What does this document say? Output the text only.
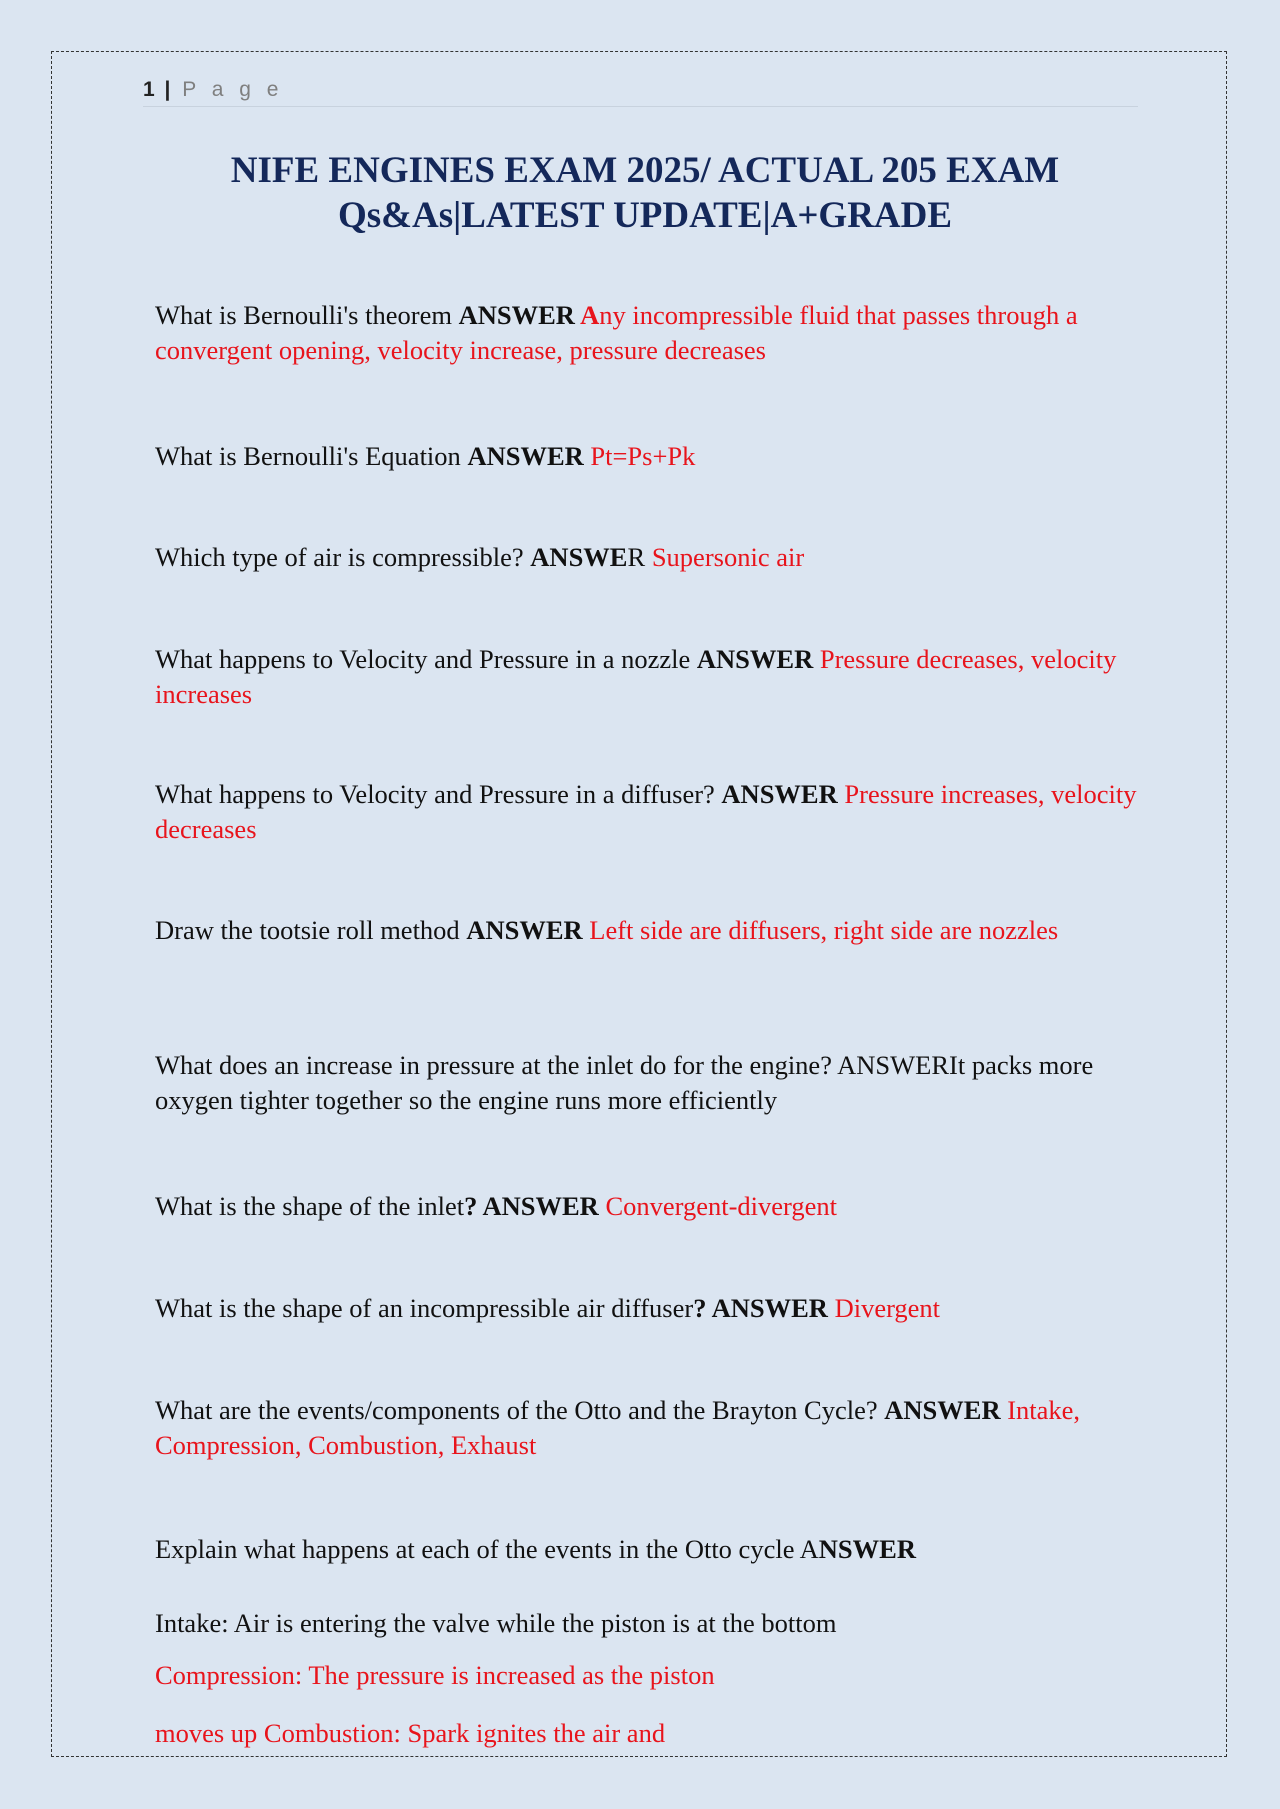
1 | P a g e
NIFE ENGINES EXAM 2025/ ACTUAL 205 EXAM
Qs&As|LATEST UPDATE|A+GRADE

What is Bernoulli's theorem ANSWER Any incompressible fluid that passes through a convergent opening, velocity increase, pressure decreases

What is Bernoulli's Equation ANSWER Pt=Ps+Pk

Which type of air is compressible? ANSWER Supersonic air

What happens to Velocity and Pressure in a nozzle ANSWER Pressure decreases, velocity increases

What happens to Velocity and Pressure in a diffuser? ANSWER Pressure increases, velocity decreases

Draw the tootsie roll method ANSWER Left side are diffusers, right side are nozzles

What does an increase in pressure at the inlet do for the engine? ANSWERIt packs more oxygen tighter together so the engine runs more efficiently

What is the shape of the inlet? ANSWER Convergent-divergent

What is the shape of an incompressible air diffuser? ANSWER Divergent

What are the events/components of the Otto and the Brayton Cycle? ANSWER Intake, Compression, Combustion, Exhaust

Explain what happens at each of the events in the Otto cycle ANSWER

Intake: Air is entering the valve while the piston is at the bottom

Compression: The pressure is increased as the piston

moves up Combustion: Spark ignites the air and
